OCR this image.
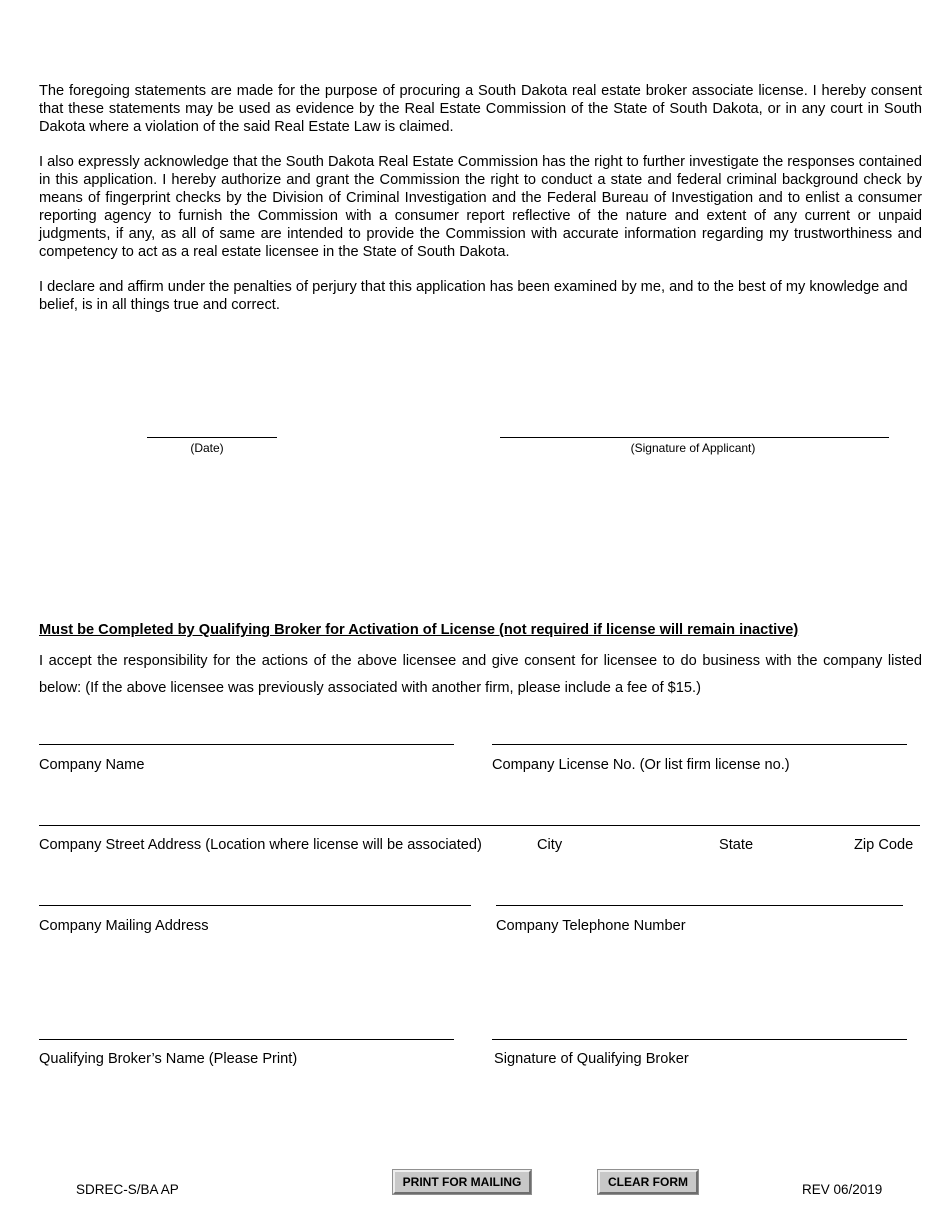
The foregoing statements are made for the purpose of procuring a South Dakota real estate broker associate license. I hereby consent that these statements may be used as evidence by the Real Estate Commission of the State of South Dakota, or in any court in South Dakota where a violation of the said Real Estate Law is claimed.

I also expressly acknowledge that the South Dakota Real Estate Commission has the right to further investigate the responses contained in this application. I hereby authorize and grant the Commission the right to conduct a state and federal criminal background check by means of fingerprint checks by the Division of Criminal Investigation and the Federal Bureau of Investigation and to enlist a consumer reporting agency to furnish the Commission with a consumer report reflective of the nature and extent of any current or unpaid judgments, if any, as all of same are intended to provide the Commission with accurate information regarding my trustworthiness and competency to act as a real estate licensee in the State of South Dakota.

I declare and affirm under the penalties of perjury that this application has been examined by me, and to the best of my knowledge and belief, is in all things true and correct.

(Date)	(Signature of Applicant)

Must be Completed by Qualifying Broker for Activation of License (not required if license will remain inactive)

I accept the responsibility for the actions of the above licensee and give consent for licensee to do business with the company listed below: (If the above licensee was previously associated with another firm, please include a fee of $15.)

Company Name	Company License No. (Or list firm license no.)
Company Street Address (Location where license will be associated)	City	State	Zip Code
Company Mailing Address	Company Telephone Number
Qualifying Broker’s Name (Please Print)	Signature of Qualifying Broker
SDREC-S/BA AP	PRINT FOR MAILING	CLEAR FORM	REV 06/2019
